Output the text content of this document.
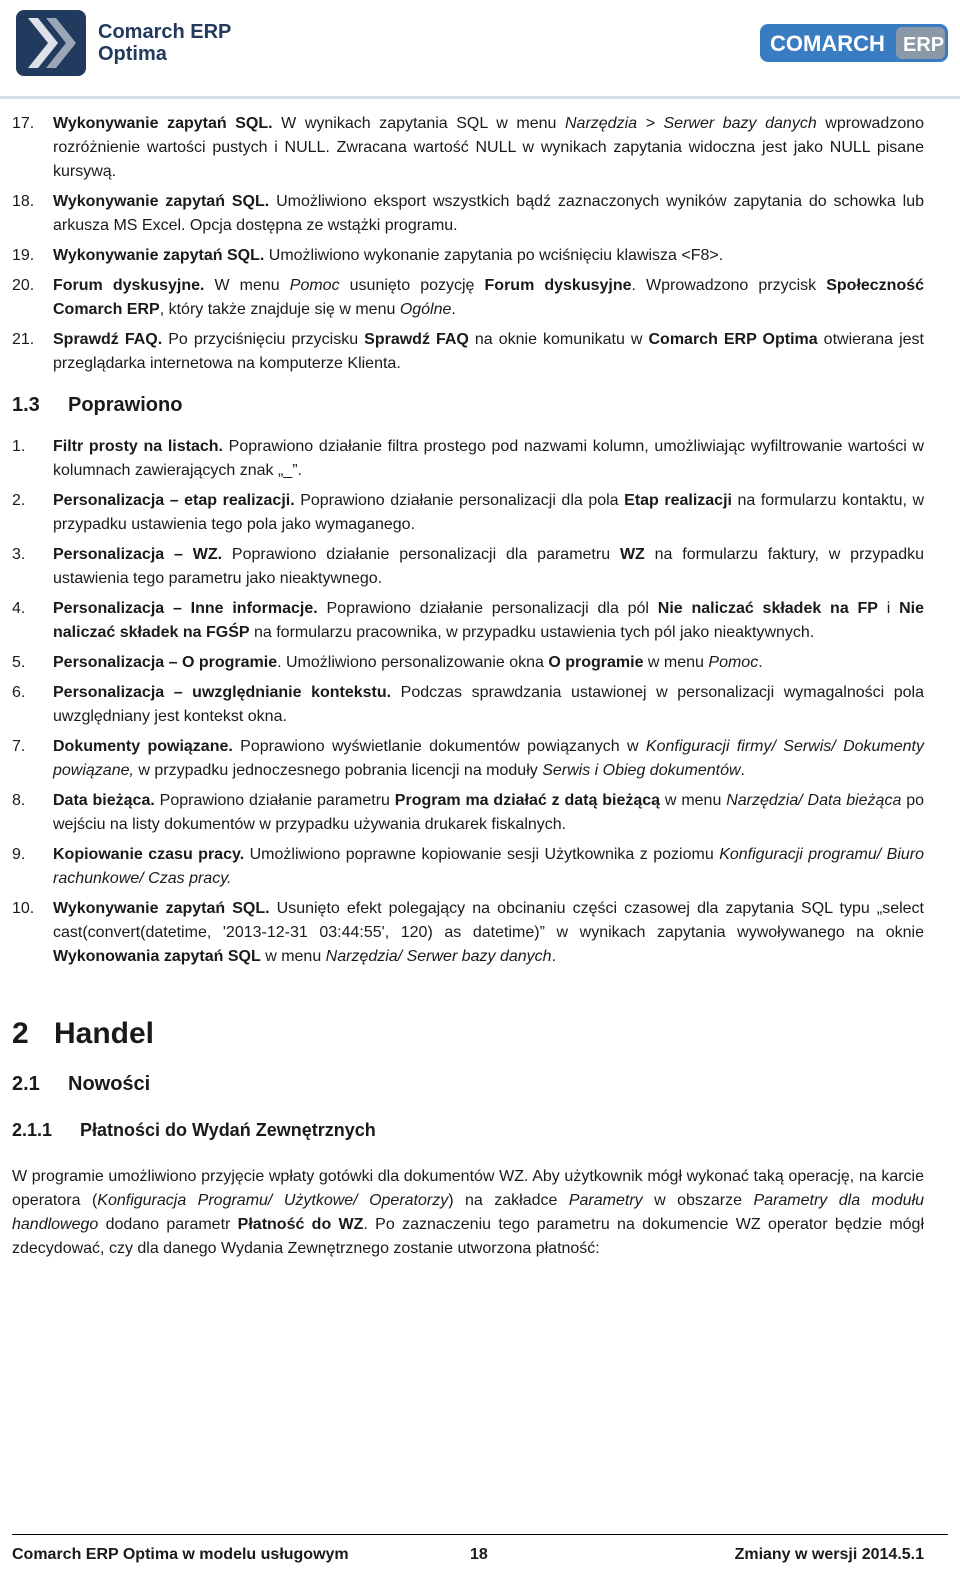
Comarch ERP
Optima	COMARCH ERP
17.	Wykonywanie zapytań SQL. W wynikach zapytania SQL w menu Narzędzia > Serwer bazy danych wprowadzono rozróżnienie wartości pustych i NULL. Zwracana wartość NULL w wynikach zapytania widoczna jest jako NULL pisane kursywą.
18.	Wykonywanie zapytań SQL. Umożliwiono eksport wszystkich bądź zaznaczonych wyników zapytania do schowka lub arkusza MS Excel. Opcja dostępna ze wstążki programu.
19.	Wykonywanie zapytań SQL. Umożliwiono wykonanie zapytania po wciśnięciu klawisza <F8>.
20.	Forum dyskusyjne. W menu Pomoc usunięto pozycję Forum dyskusyjne. Wprowadzono przycisk Społeczność Comarch ERP, który także znajduje się w menu Ogólne.
21.	Sprawdź FAQ. Po przyciśnięciu przycisku Sprawdź FAQ na oknie komunikatu w Comarch ERP Optima otwierana jest przeglądarka internetowa na komputerze Klienta.
1.3	Poprawiono
1.	Filtr prosty na listach. Poprawiono działanie filtra prostego pod nazwami kolumn, umożliwiając wyfiltrowanie wartości w kolumnach zawierających znak „_”.
2.	Personalizacja – etap realizacji. Poprawiono działanie personalizacji dla pola Etap realizacji na formularzu kontaktu, w przypadku ustawienia tego pola jako wymaganego.
3.	Personalizacja – WZ. Poprawiono działanie personalizacji dla parametru WZ na formularzu faktury, w przypadku ustawienia tego parametru jako nieaktywnego.
4.	Personalizacja – Inne informacje. Poprawiono działanie personalizacji dla pól Nie naliczać składek na FP i Nie naliczać składek na FGŚP na formularzu pracownika, w przypadku ustawienia tych pól jako nieaktywnych.
5.	Personalizacja – O programie. Umożliwiono personalizowanie okna O programie w menu Pomoc.
6.	Personalizacja – uwzględnianie kontekstu. Podczas sprawdzania ustawionej w personalizacji wymagalności pola uwzględniany jest kontekst okna.
7.	Dokumenty powiązane. Poprawiono wyświetlanie dokumentów powiązanych w Konfiguracji firmy/ Serwis/ Dokumenty powiązane, w przypadku jednoczesnego pobrania licencji na moduły Serwis i Obieg dokumentów.
8.	Data bieżąca. Poprawiono działanie parametru Program ma działać z datą bieżącą w menu Narzędzia/ Data bieżąca po wejściu na listy dokumentów w przypadku używania drukarek fiskalnych.
9.	Kopiowanie czasu pracy. Umożliwiono poprawne kopiowanie sesji Użytkownika z poziomu Konfiguracji programu/ Biuro rachunkowe/ Czas pracy.
10.	Wykonywanie zapytań SQL. Usunięto efekt polegający na obcinaniu części czasowej dla zapytania SQL typu „select cast(convert(datetime, '2013-12-31 03:44:55', 120) as datetime)” w wynikach zapytania wywoływanego na oknie Wykonowania zapytań SQL w menu Narzędzia/ Serwer bazy danych.
2 Handel
2.1	Nowości
2.1.1	Płatności do Wydań Zewnętrznych
W programie umożliwiono przyjęcie wpłaty gotówki dla dokumentów WZ. Aby użytkownik mógł wykonać taką operację, na karcie operatora (Konfiguracja Programu/ Użytkowe/ Operatorzy) na zakładce Parametry w obszarze Parametry dla modułu handlowego dodano parametr Płatność do WZ. Po zaznaczeniu tego parametru na dokumencie WZ operator będzie mógł zdecydować, czy dla danego Wydania Zewnętrznego zostanie utworzona płatność:
Comarch ERP Optima w modelu usługowym	18	Zmiany w wersji 2014.5.1
